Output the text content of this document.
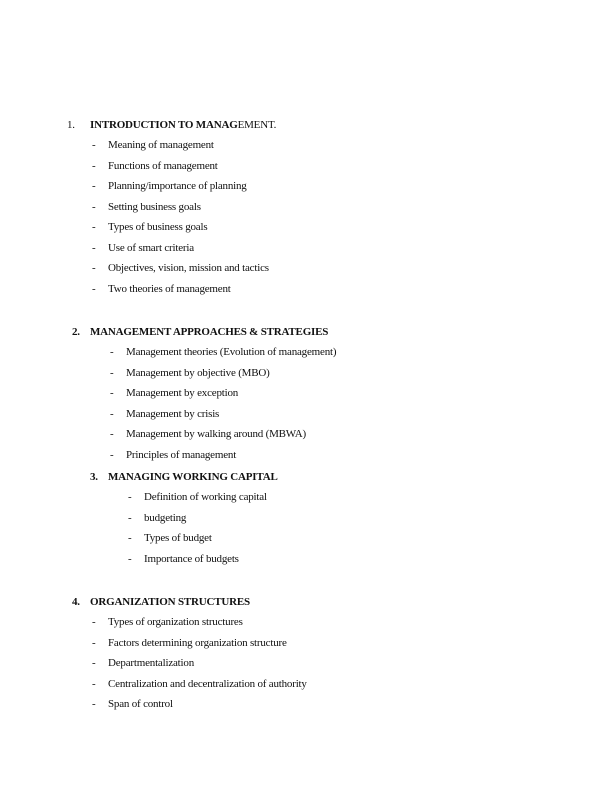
1. INTRODUCTION TO MANAGEMENT.
- Meaning of management
- Functions of management
- Planning/importance of planning
- Setting business goals
- Types of business goals
- Use of smart criteria
- Objectives, vision, mission and tactics
- Two theories of management
2. MANAGEMENT APPROACHES & STRATEGIES
- Management theories (Evolution of management)
- Management by objective (MBO)
- Management by exception
- Management by crisis
- Management by walking around (MBWA)
- Principles of management
3. MANAGING WORKING CAPITAL
- Definition of working capital
- budgeting
- Types of budget
- Importance of budgets
4. ORGANIZATION STRUCTURES
- Types of organization structures
- Factors determining organization structure
- Departmentalization
- Centralization and decentralization of authority
- Span of control
